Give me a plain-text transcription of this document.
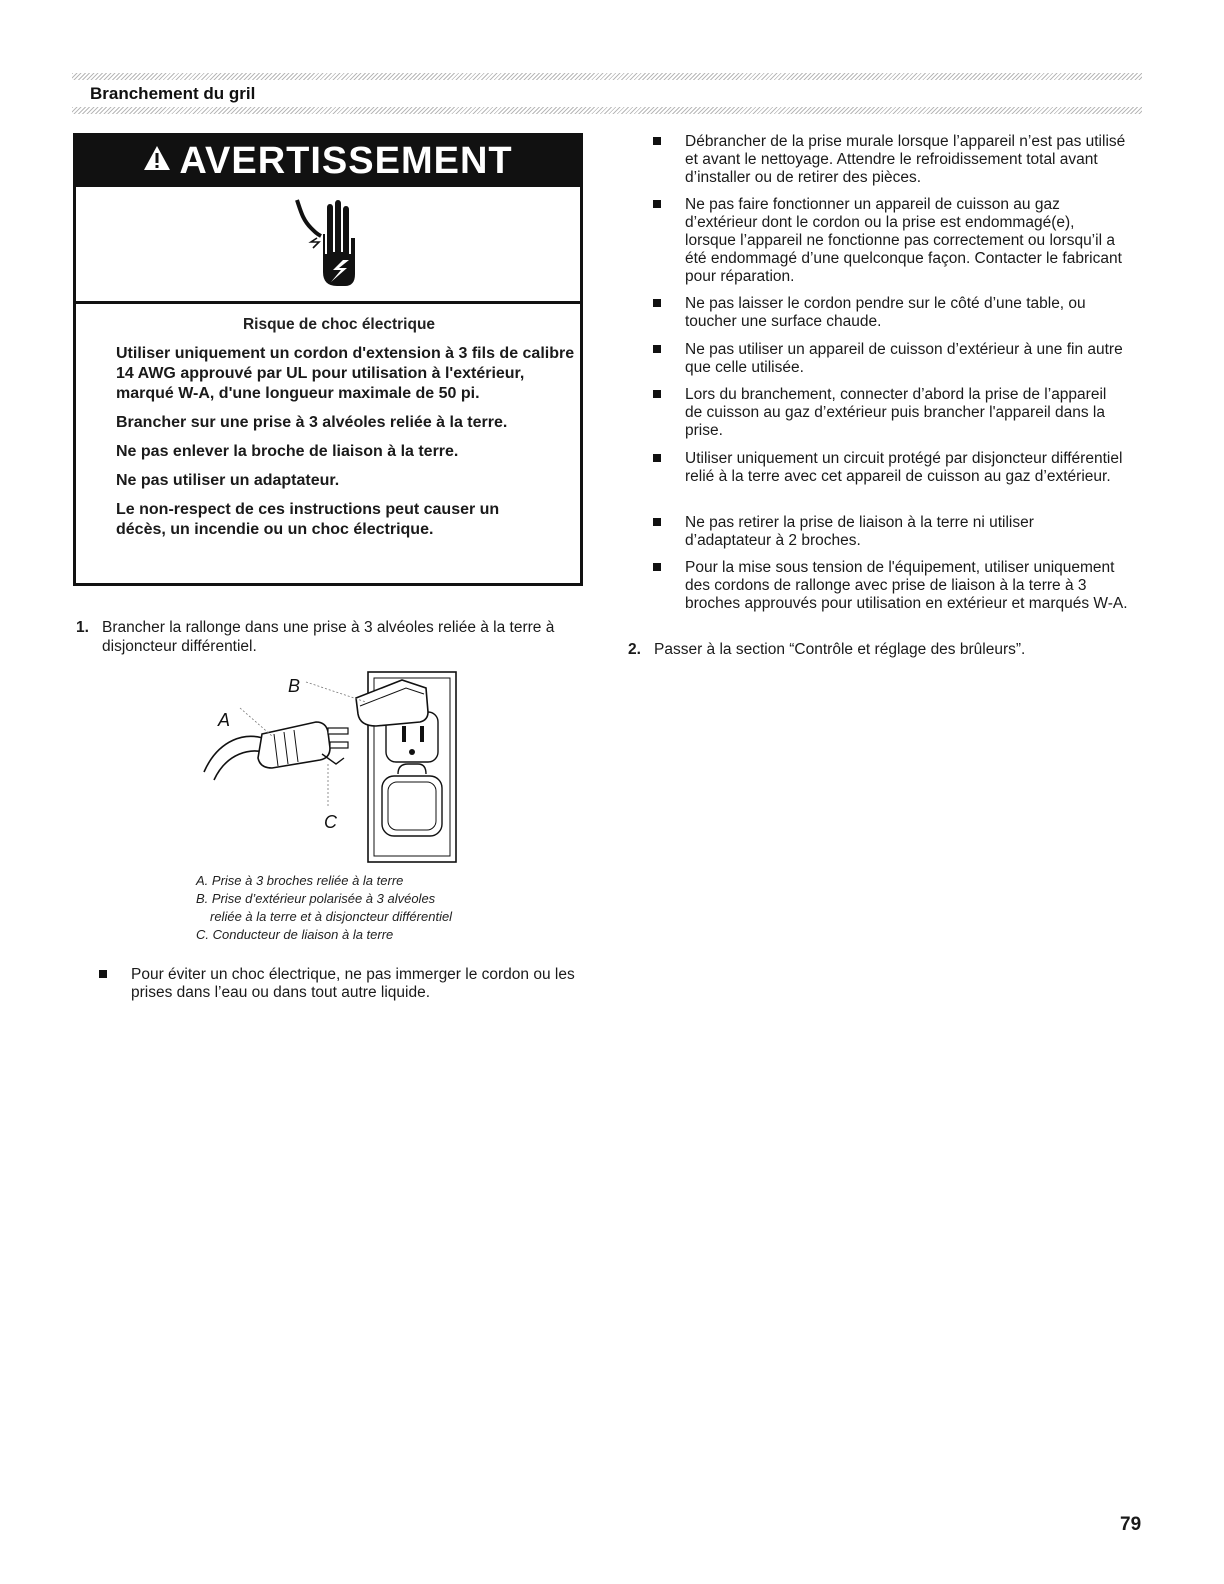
Branchement du gril
AVERTISSEMENT

Risque de choc électrique

Utiliser uniquement un cordon d'extension à 3 fils de calibre 14 AWG approuvé par UL pour utilisation à l'extérieur, marqué W-A, d'une longueur maximale de 50 pi.

Brancher sur une prise à 3 alvéoles reliée à la terre.

Ne pas enlever la broche de liaison à la terre.

Ne pas utiliser un adaptateur.

Le non-respect de ces instructions peut causer un décès, un incendie ou un choc électrique.

1. Brancher la rallonge dans une prise à 3 alvéoles reliée à la terre à disjoncteur différentiel.
B
A
C
A. Prise à 3 broches reliée à la terre
B. Prise d’extérieur polarisée à 3 alvéoles
reliée à la terre et à disjoncteur différentiel
C. Conducteur de liaison à la terre
Pour éviter un choc électrique, ne pas immerger le cordon ou les prises dans l’eau ou dans tout autre liquide.
Débrancher de la prise murale lorsque l’appareil n’est pas utilisé et avant le nettoyage. Attendre le refroidissement total avant d’installer ou de retirer des pièces.
Ne pas faire fonctionner un appareil de cuisson au gaz d’extérieur dont le cordon ou la prise est endommagé(e), lorsque l’appareil ne fonctionne pas correctement ou lorsqu’il a été endommagé d’une quelconque façon. Contacter le fabricant pour réparation.
Ne pas laisser le cordon pendre sur le côté d’une table, ou toucher une surface chaude.
Ne pas utiliser un appareil de cuisson d’extérieur à une fin autre que celle utilisée.
Lors du branchement, connecter d’abord la prise de l’appareil de cuisson au gaz d’extérieur puis brancher l'appareil dans la prise.
Utiliser uniquement un circuit protégé par disjoncteur différentiel relié à la terre avec cet appareil de cuisson au gaz d’extérieur.
Ne pas retirer la prise de liaison à la terre ni utiliser d’adaptateur à 2 broches.
Pour la mise sous tension de l'équipement, utiliser uniquement des cordons de rallonge avec prise de liaison à la terre à 3 broches approuvés pour utilisation en extérieur et marqués W-A.
2. Passer à la section “Contrôle et réglage des brûleurs”.
79
